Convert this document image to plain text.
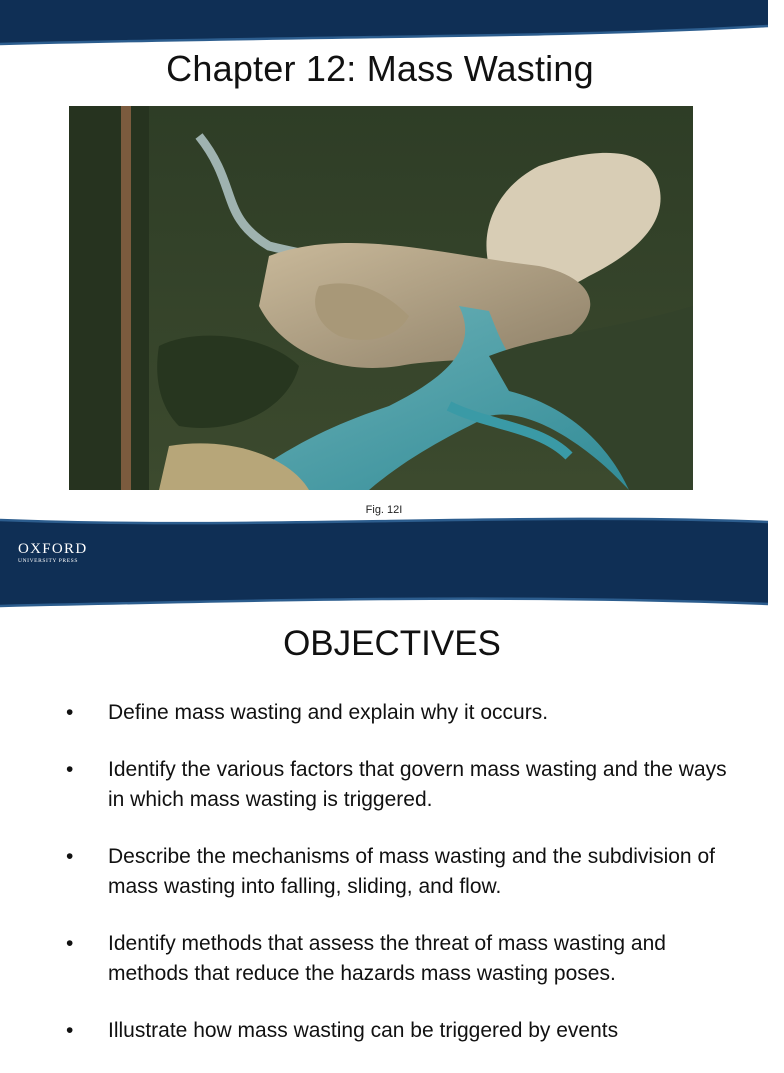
Chapter 12: Mass Wasting
Fig. 12I
OXFORD
UNIVERSITY PRESS
OBJECTIVES
• Define mass wasting and explain why it occurs.
• Identify the various factors that govern mass wasting and the ways in which mass wasting is triggered.
• Describe the mechanisms of mass wasting and the subdivision of mass wasting into falling, sliding, and flow.
• Identify methods that assess the threat of mass wasting and methods that reduce the hazards mass wasting poses.
• Illustrate how mass wasting can be triggered by events
